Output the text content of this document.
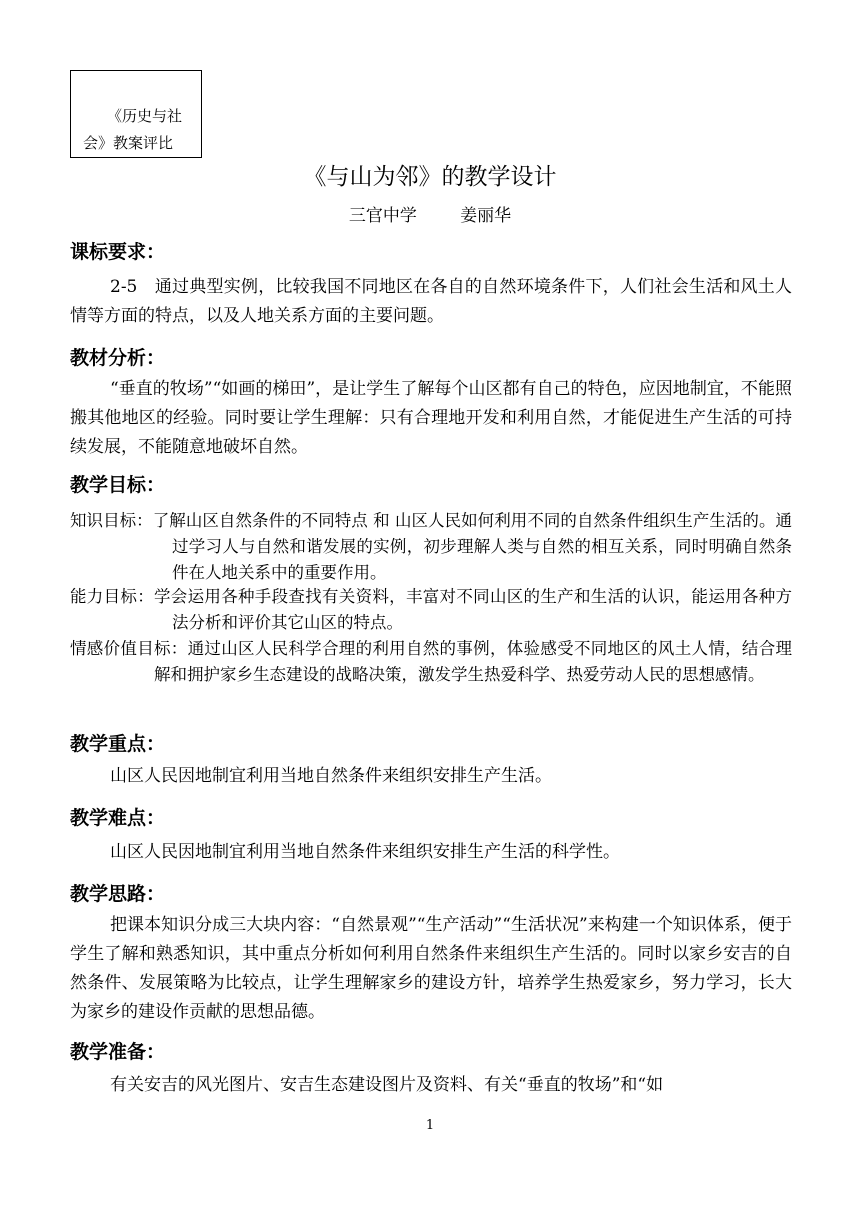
《历史与社
会》教案评比
《与山为邻》的教学设计
三官中学        姜丽华
课标要求：
2-5　通过典型实例，比较我国不同地区在各自的自然环境条件下，人们社会生活和风土人情等方面的特点，以及人地关系方面的主要问题。
教材分析：
“垂直的牧场”“如画的梯田”，是让学生了解每个山区都有自己的特色，应因地制宜，不能照搬其他地区的经验。同时要让学生理解：只有合理地开发和利用自然，才能促进生产生活的可持续发展，不能随意地破坏自然。
教学目标：
知识目标：了解山区自然条件的不同特点 和 山区人民如何利用不同的自然条件组织生产生活的。通过学习人与自然和谐发展的实例，初步理解人类与自然的相互关系，同时明确自然条件在人地关系中的重要作用。
能力目标：学会运用各种手段查找有关资料，丰富对不同山区的生产和生活的认识，能运用各种方法分析和评价其它山区的特点。
情感价值目标：通过山区人民科学合理的利用自然的事例，体验感受不同地区的风土人情，结合理解和拥护家乡生态建设的战略决策，激发学生热爱科学、热爱劳动人民的思想感情。
教学重点：
山区人民因地制宜利用当地自然条件来组织安排生产生活。
教学难点：
山区人民因地制宜利用当地自然条件来组织安排生产生活的科学性。
教学思路：
把课本知识分成三大块内容：“自然景观”“生产活动”“生活状况”来构建一个知识体系，便于学生了解和熟悉知识，其中重点分析如何利用自然条件来组织生产生活的。同时以家乡安吉的自然条件、发展策略为比较点，让学生理解家乡的建设方针，培养学生热爱家乡，努力学习，长大为家乡的建设作贡献的思想品德。
教学准备：
有关安吉的风光图片、安吉生态建设图片及资料、有关“垂直的牧场”和“如
1
